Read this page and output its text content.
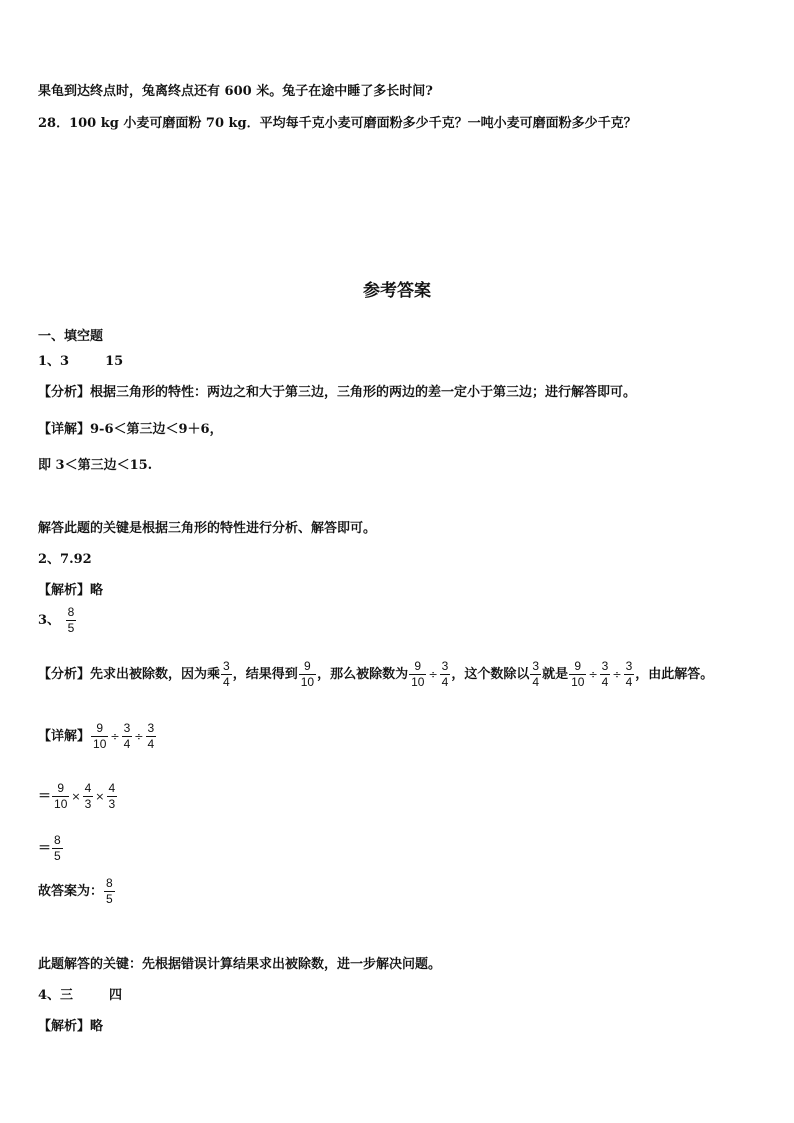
果龟到达终点时，兔离终点还有 600 米。兔子在途中睡了多长时间?
28．100 kg 小麦可磨面粉 70 kg．平均每千克小麦可磨面粉多少千克？一吨小麦可磨面粉多少千克？
参考答案
一、填空题
1、3	15
【分析】根据三角形的特性：两边之和大于第三边，三角形的两边的差一定小于第三边；进行解答即可。
【详解】9-6＜第三边＜9＋6，
即 3＜第三边＜15.
解答此题的关键是根据三角形的特性进行分析、解答即可。
2、7.92
【解析】略
3、 $\frac{8}{5}$
【分析】先求出被除数，因为乘 $\frac{3}{4}$ ，结果得到 $\frac{9}{10}$ ，那么被除数为 $\frac{9}{10} \div \frac{3}{4}$ ，这个数除以 $\frac{3}{4}$ 就是 $\frac{9}{10} \div \frac{3}{4} \div \frac{3}{4}$ ，由此解答。
【详解】 $\frac{9}{10} \div \frac{3}{4} \div \frac{3}{4}$
＝ $\frac{9}{10} \times \frac{4}{3} \times \frac{4}{3}$
＝ $\frac{8}{5}$
故答案为： $\frac{8}{5}$
此题解答的关键：先根据错误计算结果求出被除数，进一步解决问题。
4、三	四
【解析】略
